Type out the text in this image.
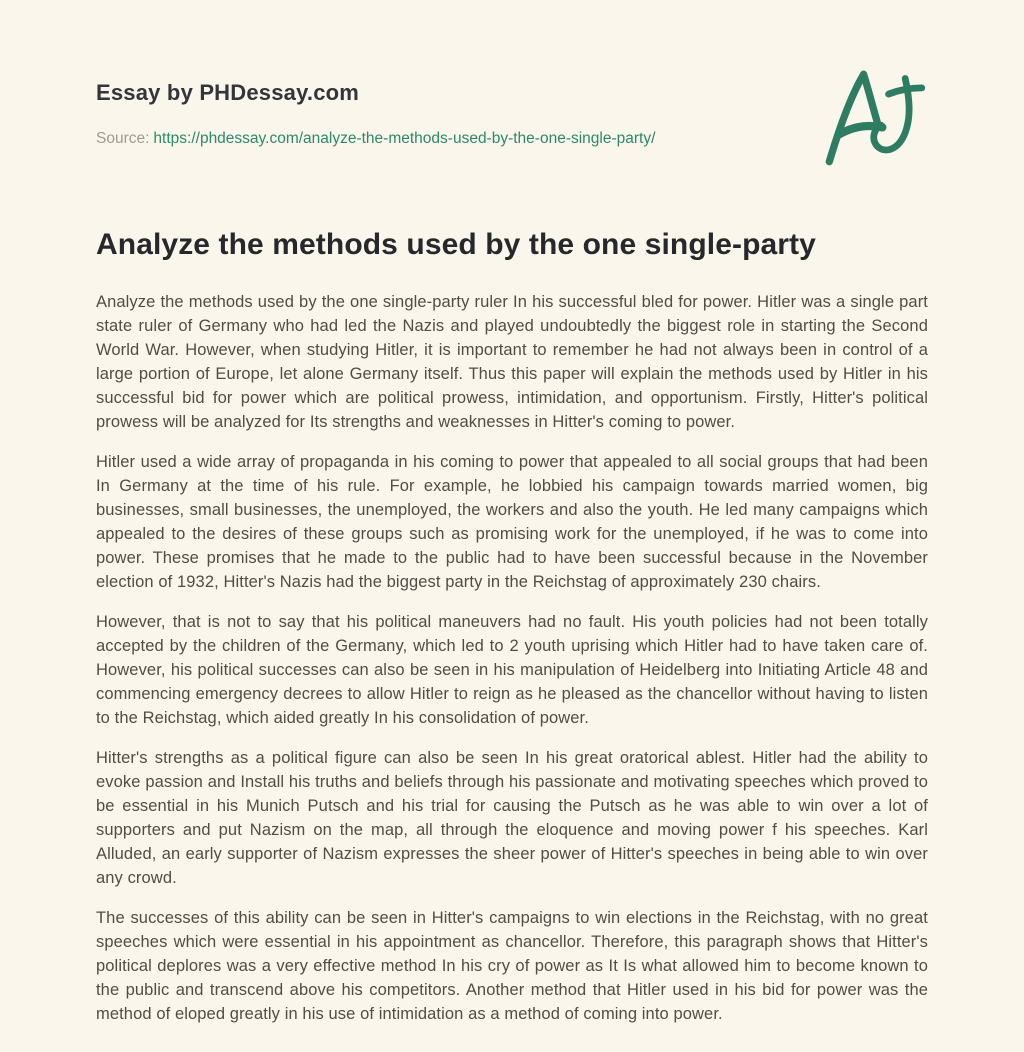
Essay by PHDessay.com
Source: https://phdessay.com/analyze-the-methods-used-by-the-one-single-party/
Analyze the methods used by the one single-party

Analyze the methods used by the one single-party ruler In his successful bled for power. Hitler was a single part state ruler of Germany who had led the Nazis and played undoubtedly the biggest role in starting the Second World War. However, when studying Hitler, it is important to remember he had not always been in control of a large portion of Europe, let alone Germany itself. Thus this paper will explain the methods used by Hitler in his successful bid for power which are political prowess, intimidation, and opportunism. Firstly, Hitter's political prowess will be analyzed for Its strengths and weaknesses in Hitter's coming to power.

Hitler used a wide array of propaganda in his coming to power that appealed to all social groups that had been In Germany at the time of his rule. For example, he lobbied his campaign towards married women, big businesses, small businesses, the unemployed, the workers and also the youth. He led many campaigns which appealed to the desires of these groups such as promising work for the unemployed, if he was to come into power. These promises that he made to the public had to have been successful because in the November election of 1932, Hitter's Nazis had the biggest party in the Reichstag of approximately 230 chairs.

However, that is not to say that his political maneuvers had no fault. His youth policies had not been totally accepted by the children of the Germany, which led to 2 youth uprising which Hitler had to have taken care of. However, his political successes can also be seen in his manipulation of Heidelberg into Initiating Article 48 and commencing emergency decrees to allow Hitler to reign as he pleased as the chancellor without having to listen to the Reichstag, which aided greatly In his consolidation of power.

Hitter's strengths as a political figure can also be seen In his great oratorical ablest. Hitler had the ability to evoke passion and Install his truths and beliefs through his passionate and motivating speeches which proved to be essential in his Munich Putsch and his trial for causing the Putsch as he was able to win over a lot of supporters and put Nazism on the map, all through the eloquence and moving power f his speeches. Karl Alluded, an early supporter of Nazism expresses the sheer power of Hitter's speeches in being able to win over any crowd.

The successes of this ability can be seen in Hitter's campaigns to win elections in the Reichstag, with no great speeches which were essential in his appointment as chancellor. Therefore, this paragraph shows that Hitter's political deplores was a very effective method In his cry of power as It Is what allowed him to become known to the public and transcend above his competitors. Another method that Hitler used in his bid for power was the method of eloped greatly in his use of intimidation as a method of coming into power.
